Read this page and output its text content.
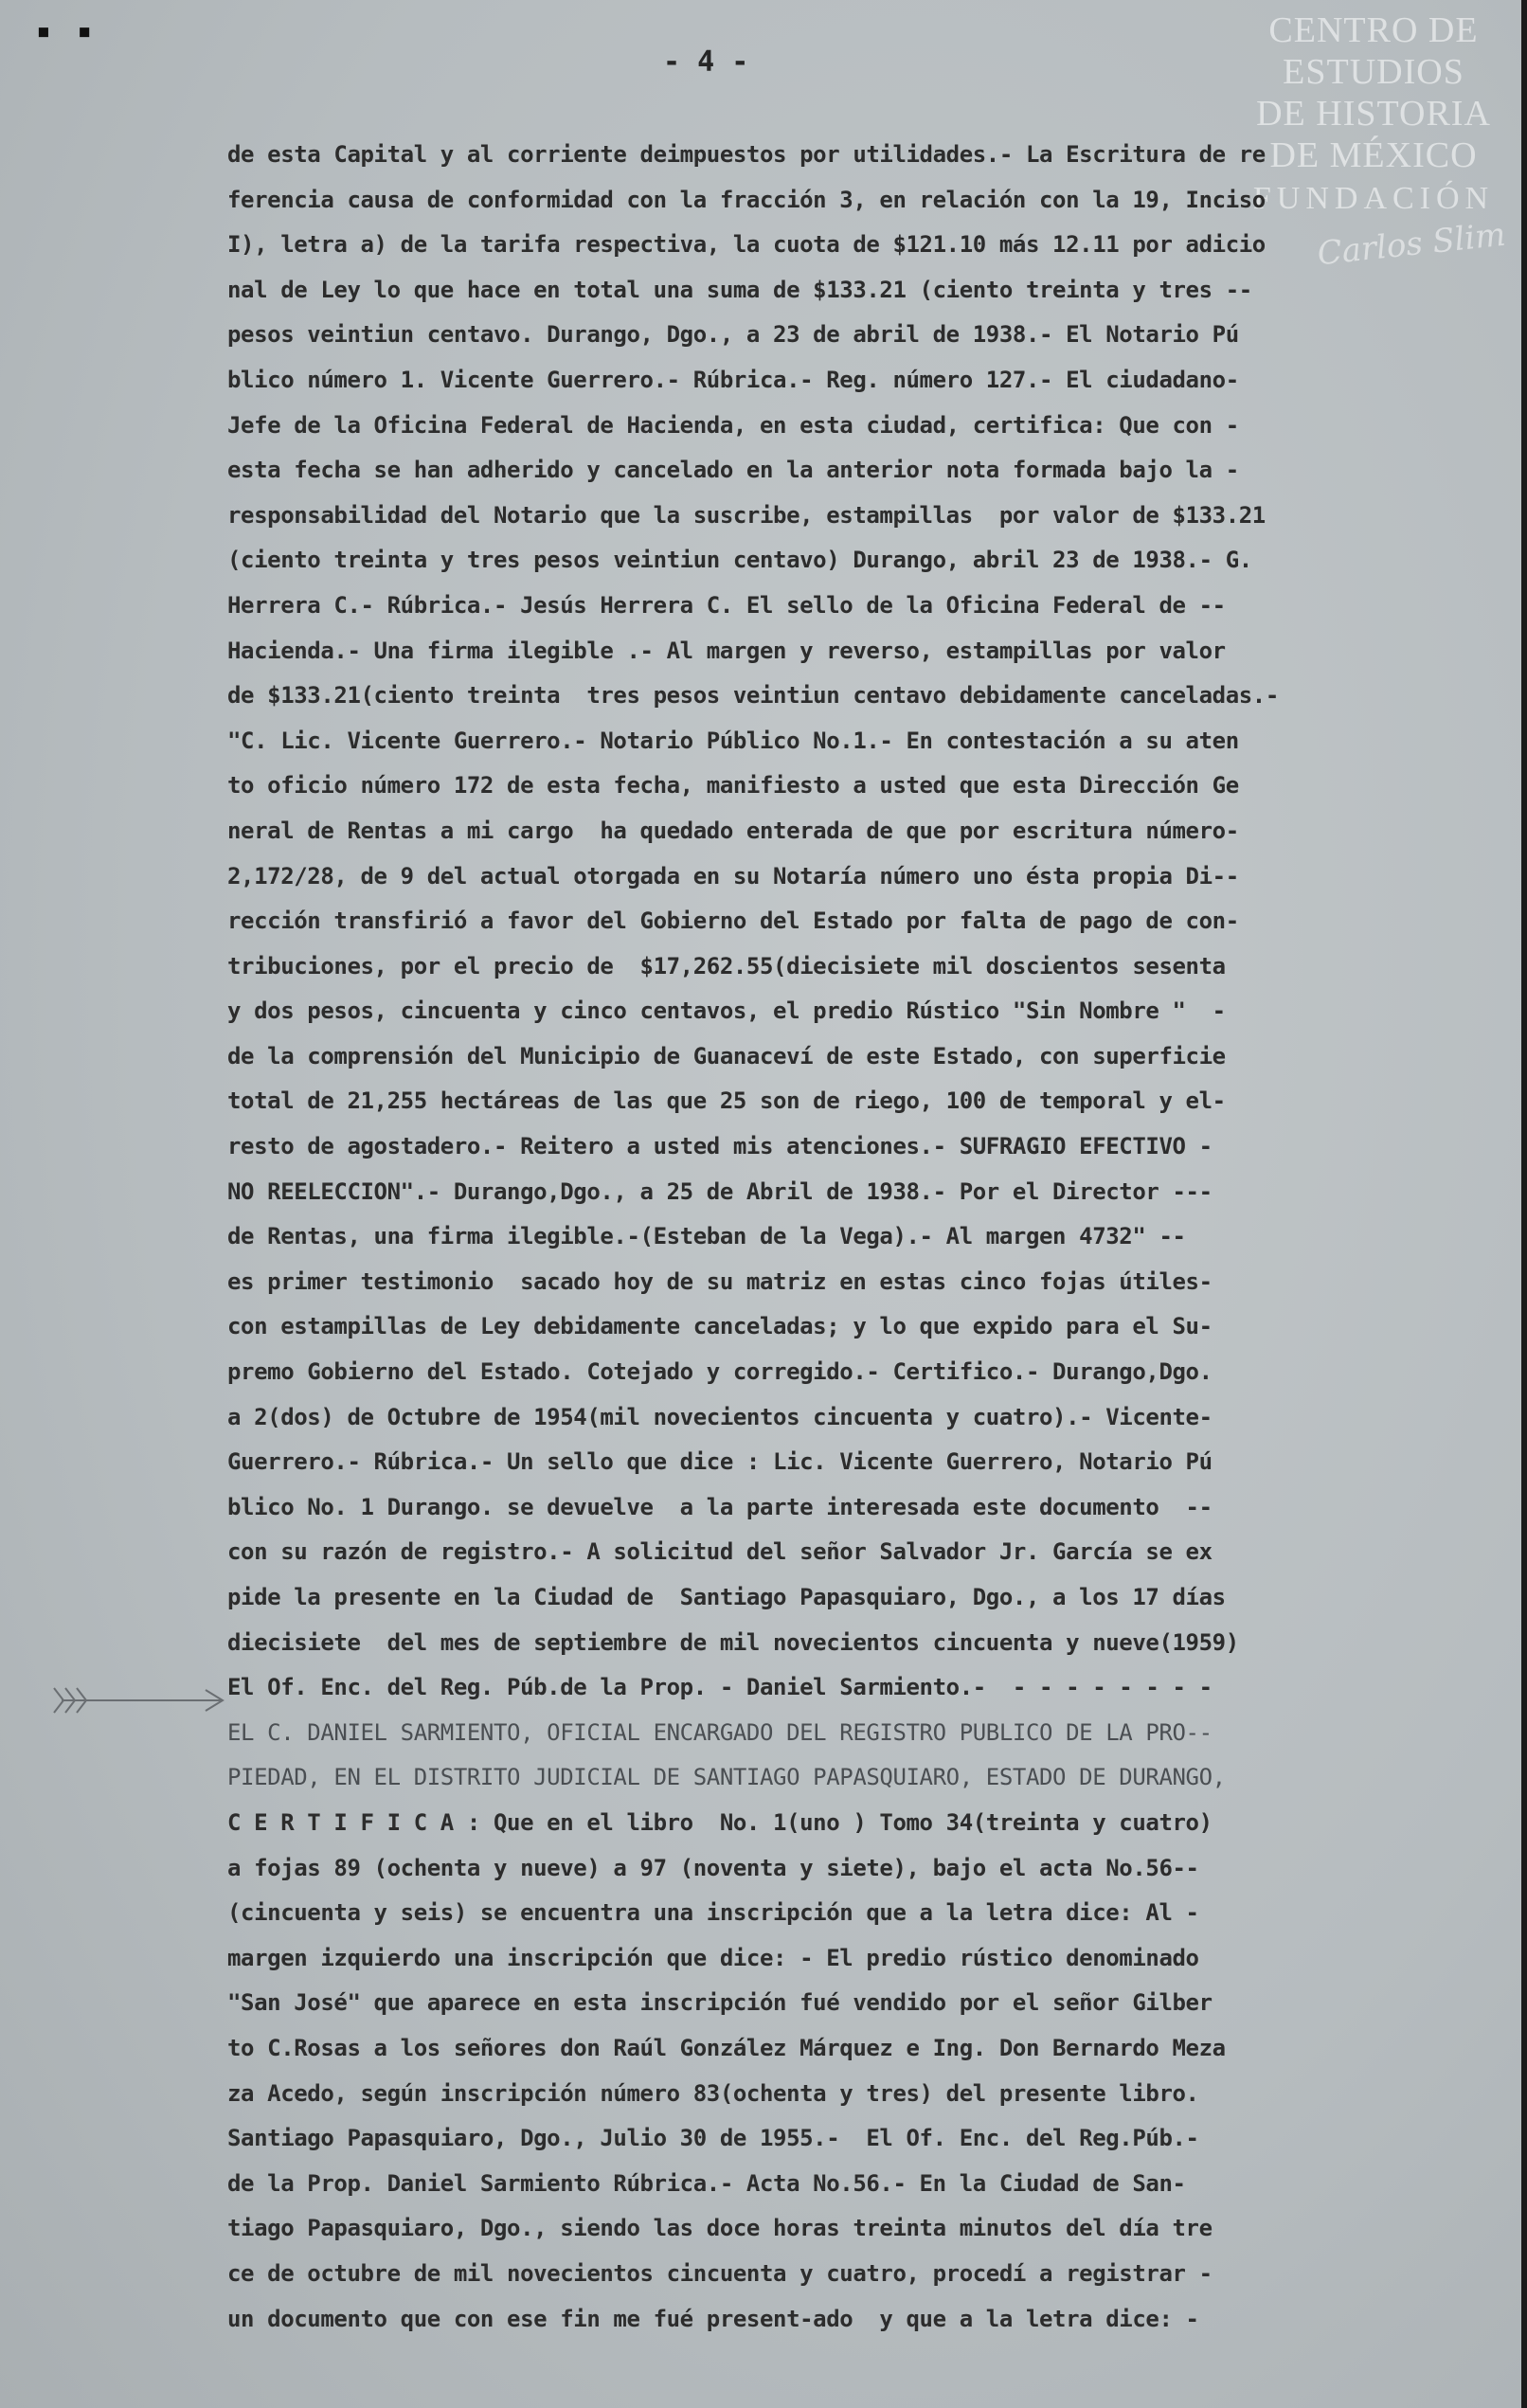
▪ ▪
- 4 -
CENTRO DE
ESTUDIOS
DE HISTORIA
DE MÉXICO
FUNDACIÓN
Carlos Slim
de esta Capital y al corriente deimpuestos por utilidades.- La Escritura de re
ferencia causa de conformidad con la fracción 3, en relación con la 19, Inciso
I), letra a) de la tarifa respectiva, la cuota de $121.10 más 12.11 por adicio
nal de Ley lo que hace en total una suma de $133.21 (ciento treinta y tres --
pesos veintiun centavo. Durango, Dgo., a 23 de abril de 1938.- El Notario Pú
blico número 1. Vicente Guerrero.- Rúbrica.- Reg. número 127.- El ciudadano-
Jefe de la Oficina Federal de Hacienda, en esta ciudad, certifica: Que con -
esta fecha se han adherido y cancelado en la anterior nota formada bajo la -
responsabilidad del Notario que la suscribe, estampillas  por valor de $133.21
(ciento treinta y tres pesos veintiun centavo) Durango, abril 23 de 1938.- G.
Herrera C.- Rúbrica.- Jesús Herrera C. El sello de la Oficina Federal de --
Hacienda.- Una firma ilegible .- Al margen y reverso, estampillas por valor
de $133.21(ciento treinta  tres pesos veintiun centavo debidamente canceladas.-
"C. Lic. Vicente Guerrero.- Notario Público No.1.- En contestación a su aten
to oficio número 172 de esta fecha, manifiesto a usted que esta Dirección Ge
neral de Rentas a mi cargo  ha quedado enterada de que por escritura número-
2,172/28, de 9 del actual otorgada en su Notaría número uno ésta propia Di--
rección transfirió a favor del Gobierno del Estado por falta de pago de con-
tribuciones, por el precio de  $17,262.55(diecisiete mil doscientos sesenta
y dos pesos, cincuenta y cinco centavos, el predio Rústico "Sin Nombre "  -
de la comprensión del Municipio de Guanaceví de este Estado, con superficie
total de 21,255 hectáreas de las que 25 son de riego, 100 de temporal y el-
resto de agostadero.- Reitero a usted mis atenciones.- SUFRAGIO EFECTIVO -
NO REELECCION".- Durango,Dgo., a 25 de Abril de 1938.- Por el Director ---
de Rentas, una firma ilegible.-(Esteban de la Vega).- Al margen 4732" --
es primer testimonio  sacado hoy de su matriz en estas cinco fojas útiles-
con estampillas de Ley debidamente canceladas; y lo que expido para el Su-
premo Gobierno del Estado. Cotejado y corregido.- Certifico.- Durango,Dgo.
a 2(dos) de Octubre de 1954(mil novecientos cincuenta y cuatro).- Vicente-
Guerrero.- Rúbrica.- Un sello que dice : Lic. Vicente Guerrero, Notario Pú
blico No. 1 Durango. se devuelve  a la parte interesada este documento  --
con su razón de registro.- A solicitud del señor Salvador Jr. García se ex
pide la presente en la Ciudad de  Santiago Papasquiaro, Dgo., a los 17 días
diecisiete  del mes de septiembre de mil novecientos cincuenta y nueve(1959)
El Of. Enc. del Reg. Púb.de la Prop. - Daniel Sarmiento.-  - - - - - - - -
EL C. DANIEL SARMIENTO, OFICIAL ENCARGADO DEL REGISTRO PUBLICO DE LA PRO--
PIEDAD, EN EL DISTRITO JUDICIAL DE SANTIAGO PAPASQUIARO, ESTADO DE DURANGO,
C E R T I F I C A : Que en el libro  No. 1(uno ) Tomo 34(treinta y cuatro)
a fojas 89 (ochenta y nueve) a 97 (noventa y siete), bajo el acta No.56--
(cincuenta y seis) se encuentra una inscripción que a la letra dice: Al -
margen izquierdo una inscripción que dice: - El predio rústico denominado
"San José" que aparece en esta inscripción fué vendido por el señor Gilber
to C.Rosas a los señores don Raúl González Márquez e Ing. Don Bernardo Meza
za Acedo, según inscripción número 83(ochenta y tres) del presente libro.
Santiago Papasquiaro, Dgo., Julio 30 de 1955.-  El Of. Enc. del Reg.Púb.-
de la Prop. Daniel Sarmiento Rúbrica.- Acta No.56.- En la Ciudad de San-
tiago Papasquiaro, Dgo., siendo las doce horas treinta minutos del día tre
ce de octubre de mil novecientos cincuenta y cuatro, procedí a registrar -
un documento que con ese fin me fué present-ado  y que a la letra dice: -
